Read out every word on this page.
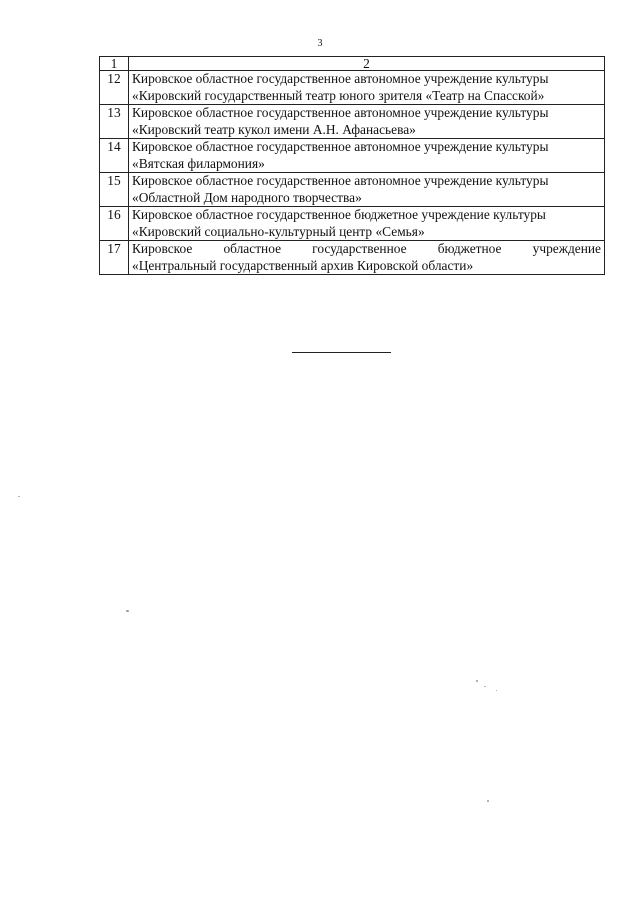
3
1	2
12	Кировское областное государственное автономное учреждение культуры
«Кировский государственный театр юного зрителя «Театр на Спасской»

13	Кировское областное государственное автономное учреждение культуры
«Кировский театр кукол имени А.Н. Афанасьева»

14	Кировское областное государственное автономное учреждение культуры
«Вятская филармония»

15	Кировское областное государственное автономное учреждение культуры
«Областной Дом народного творчества»

16	Кировское областное государственное бюджетное учреждение культуры
«Кировский социально-культурный центр «Семья»

17	Кировское областное государственное бюджетное учреждение
«Центральный государственный архив Кировской области»
